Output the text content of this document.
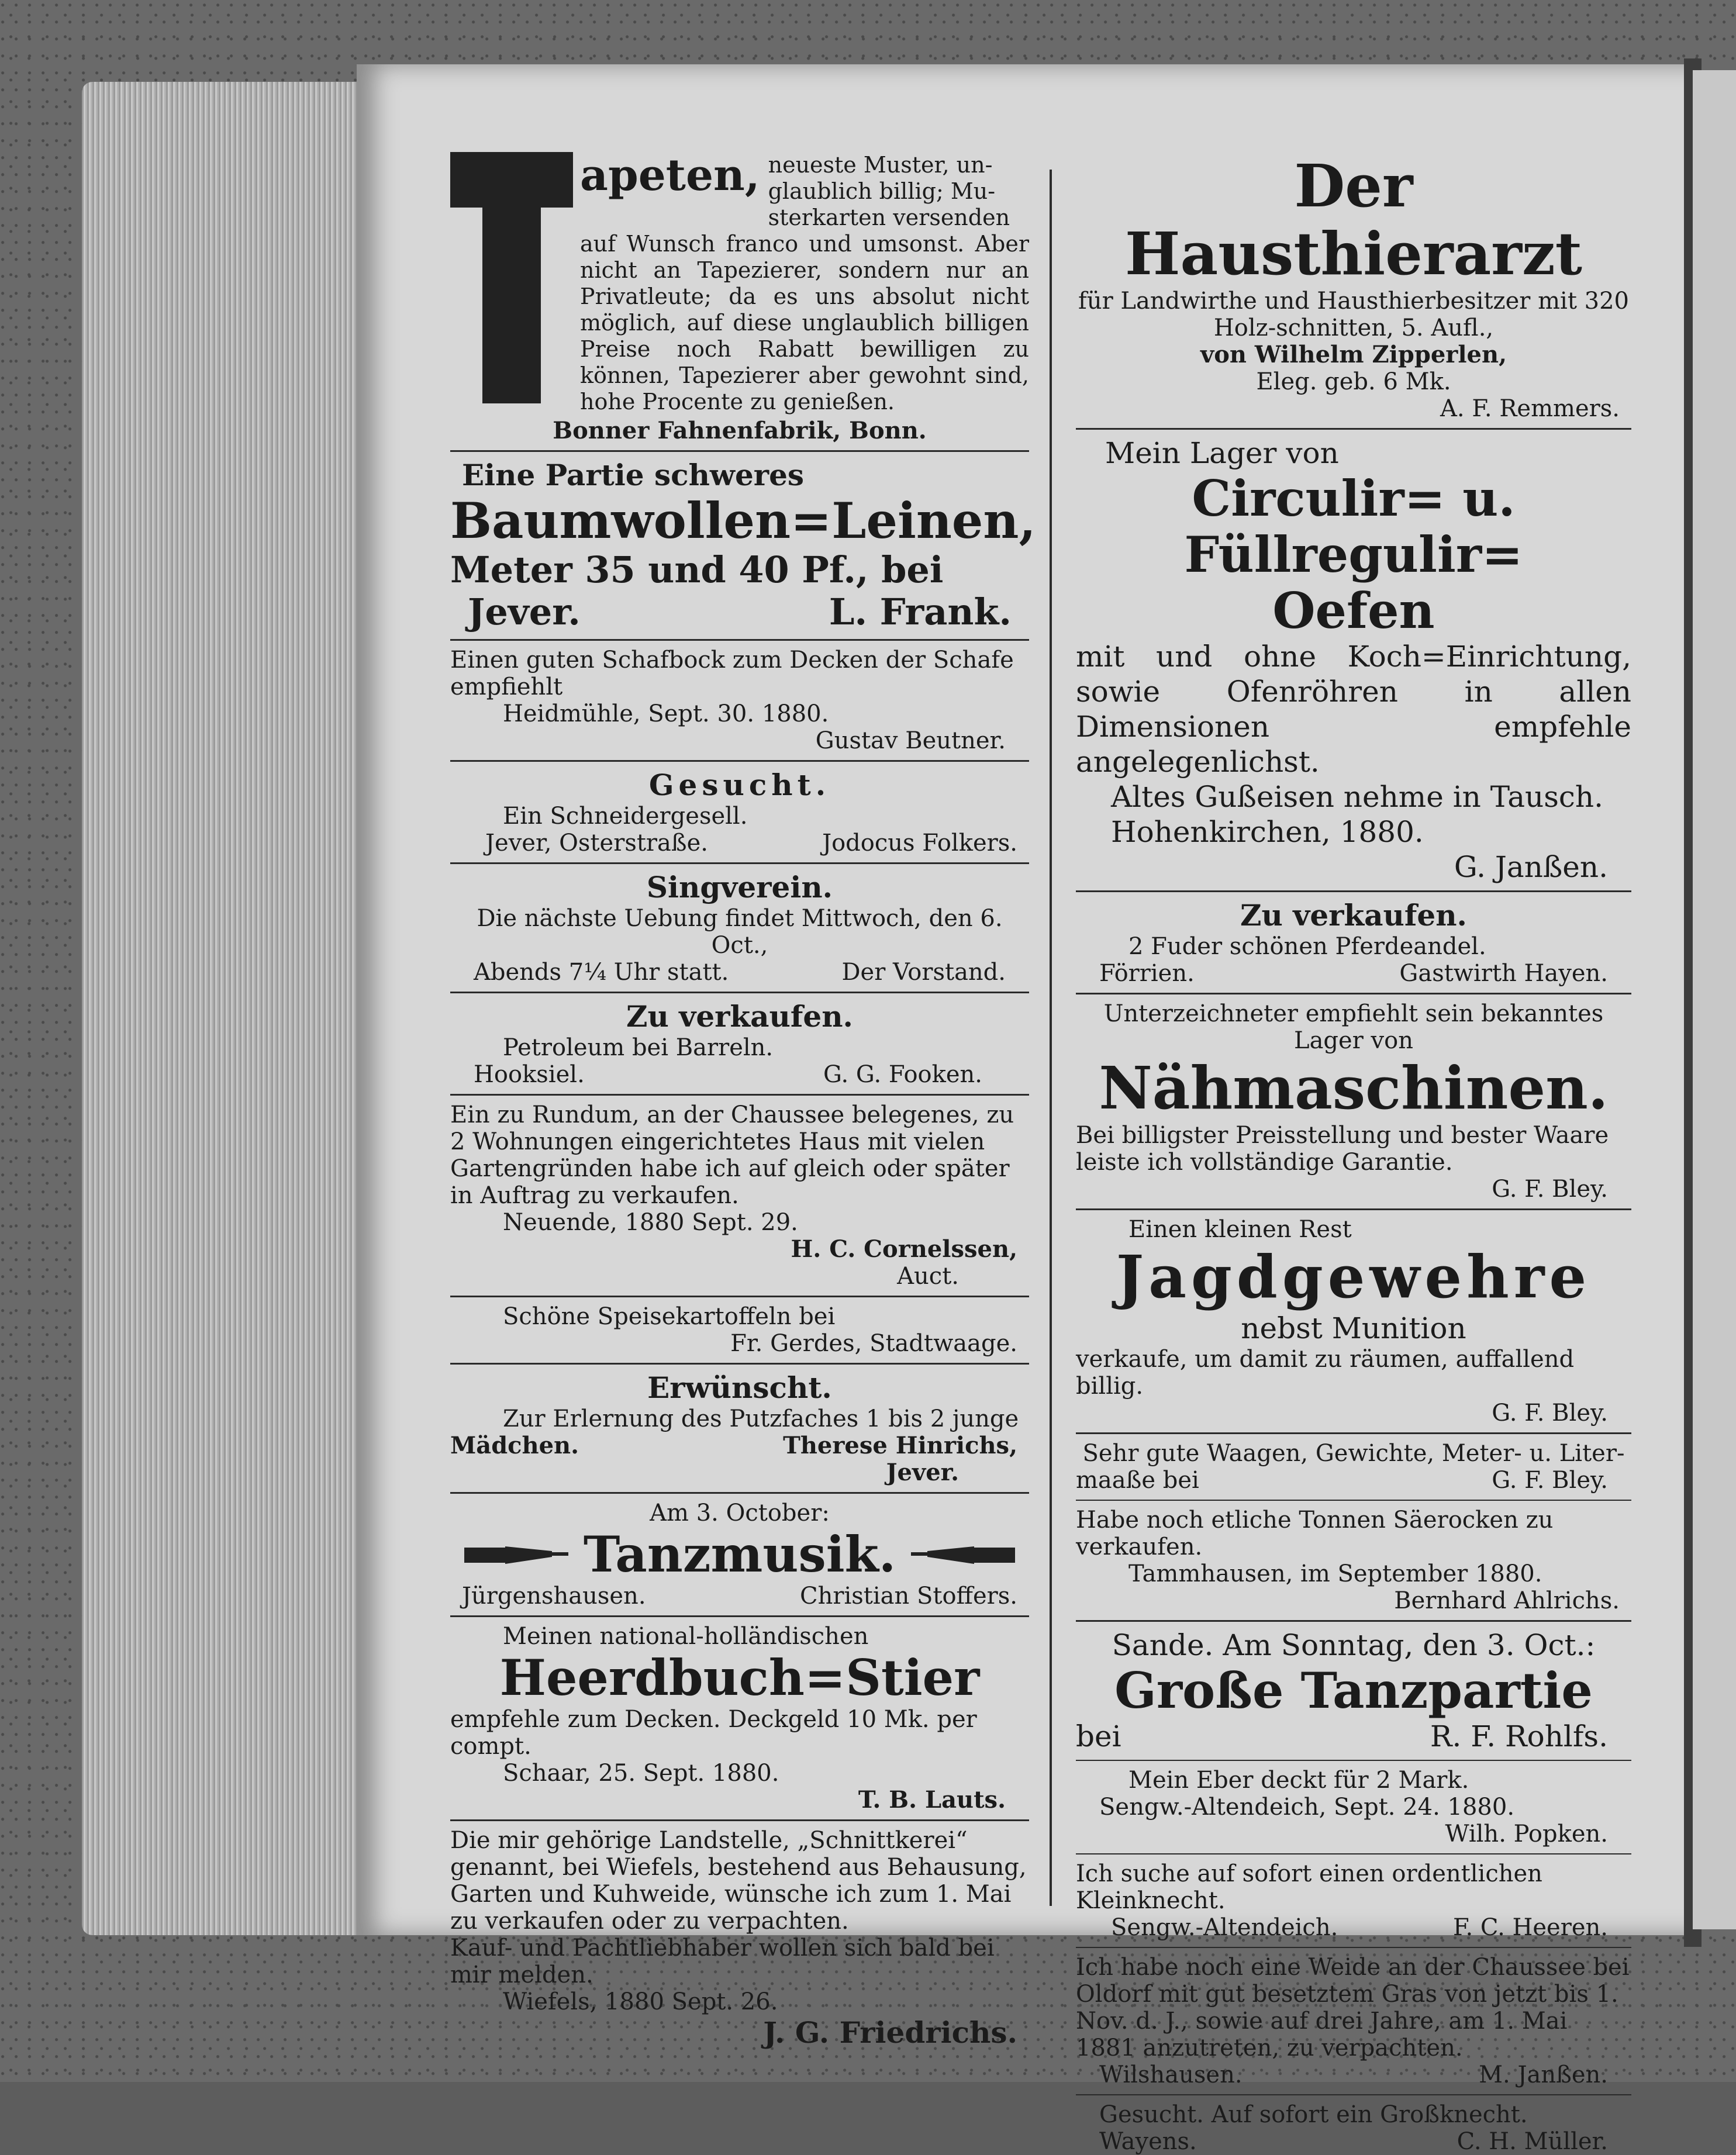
apeten, neueste Muster, un-
glaublich billig; Mu-
sterkarten versenden
auf Wunsch franco und umsonst. Aber nicht an Tapezierer, sondern nur an Privatleute; da es uns absolut nicht möglich, auf diese unglaublich billigen Preise noch Rabatt bewilligen zu können, Tapezierer aber gewohnt sind, hohe Procente zu genießen.
Bonner Fahnenfabrik, Bonn.
Eine Partie schweres
Baumwollen=Leinen,
Meter 35 und 40 Pf., bei
Jever.	L. Frank.
Einen guten Schafbock zum Decken der Schafe empfiehlt
Heidmühle, Sept. 30. 1880.
Gustav Beutner.
Gesucht.
Ein Schneidergesell.
Jever, Osterstraße.	Jodocus Folkers.
Singverein.
Die nächste Uebung findet Mittwoch, den 6. Oct.,
Abends 7¼ Uhr statt.	Der Vorstand.
Zu verkaufen.
Petroleum bei Barreln.
Hooksiel.	G. G. Fooken.
Ein zu Rundum, an der Chaussee belegenes, zu 2 Wohnungen eingerichtetes Haus mit vielen Gartengründen habe ich auf gleich oder später in Auftrag zu verkaufen.
Neuende, 1880 Sept. 29.
H. C. Cornelssen,
Auct.
Schöne Speisekartoffeln bei
Fr. Gerdes, Stadtwaage.
Erwünscht.
Zur Erlernung des Putzfaches 1 bis 2 junge
Mädchen.	Therese Hinrichs,
Jever.
Am 3. October:
Tanzmusik.
Jürgenshausen.	Christian Stoffers.
Meinen national-holländischen
Heerdbuch=Stier
empfehle zum Decken. Deckgeld 10 Mk. per compt.
Schaar, 25. Sept. 1880.
T. B. Lauts.
Die mir gehörige Landstelle, „Schnittkerei“ genannt, bei Wiefels, bestehend aus Behausung, Garten und Kuhweide, wünsche ich zum 1. Mai zu verkaufen oder zu verpachten.
Kauf- und Pachtliebhaber wollen sich bald bei mir melden.
Wiefels, 1880 Sept. 26.
J. G. Friedrichs.
Der Hausthierarzt
für Landwirthe und Hausthierbesitzer mit 320 Holz-schnitten, 5. Aufl.,
von Wilhelm Zipperlen,
Eleg. geb. 6 Mk.
A. F. Remmers.
Mein Lager von
Circulir= u. Füllregulir=
Oefen
mit und ohne Koch=Einrichtung, sowie Ofenröhren in allen Dimensionen empfehle angelegenlichst.
Altes Gußeisen nehme in Tausch.
Hohenkirchen, 1880.
G. Janßen.
Zu verkaufen.
2 Fuder schönen Pferdeandel.
Förrien.	Gastwirth Hayen.
Unterzeichneter empfiehlt sein bekanntes Lager von
Nähmaschinen.
Bei billigster Preisstellung und bester Waare leiste ich vollständige Garantie.
G. F. Bley.
Einen kleinen Rest
Jagdgewehre
nebst Munition
verkaufe, um damit zu räumen, auffallend billig.
G. F. Bley.
Sehr gute Waagen, Gewichte, Meter- u. Liter-
maaße bei	G. F. Bley.
Habe noch etliche Tonnen Säerocken zu verkaufen.
Tammhausen, im September 1880.
Bernhard Ahlrichs.
Sande. Am Sonntag, den 3. Oct.:
Große Tanzpartie
bei	R. F. Rohlfs.
Mein Eber deckt für 2 Mark.
Sengw.-Altendeich, Sept. 24. 1880.
Wilh. Popken.
Ich suche auf sofort einen ordentlichen Kleinknecht.
Sengw.-Altendeich.	F. C. Heeren.
Ich habe noch eine Weide an der Chaussee bei Oldorf mit gut besetztem Gras von jetzt bis 1. Nov. d. J., sowie auf drei Jahre, am 1. Mai 1881 anzutreten, zu verpachten.
Wilshausen.	M. Janßen.
Gesucht. Auf sofort ein Großknecht.
Wayens.	C. H. Müller.
